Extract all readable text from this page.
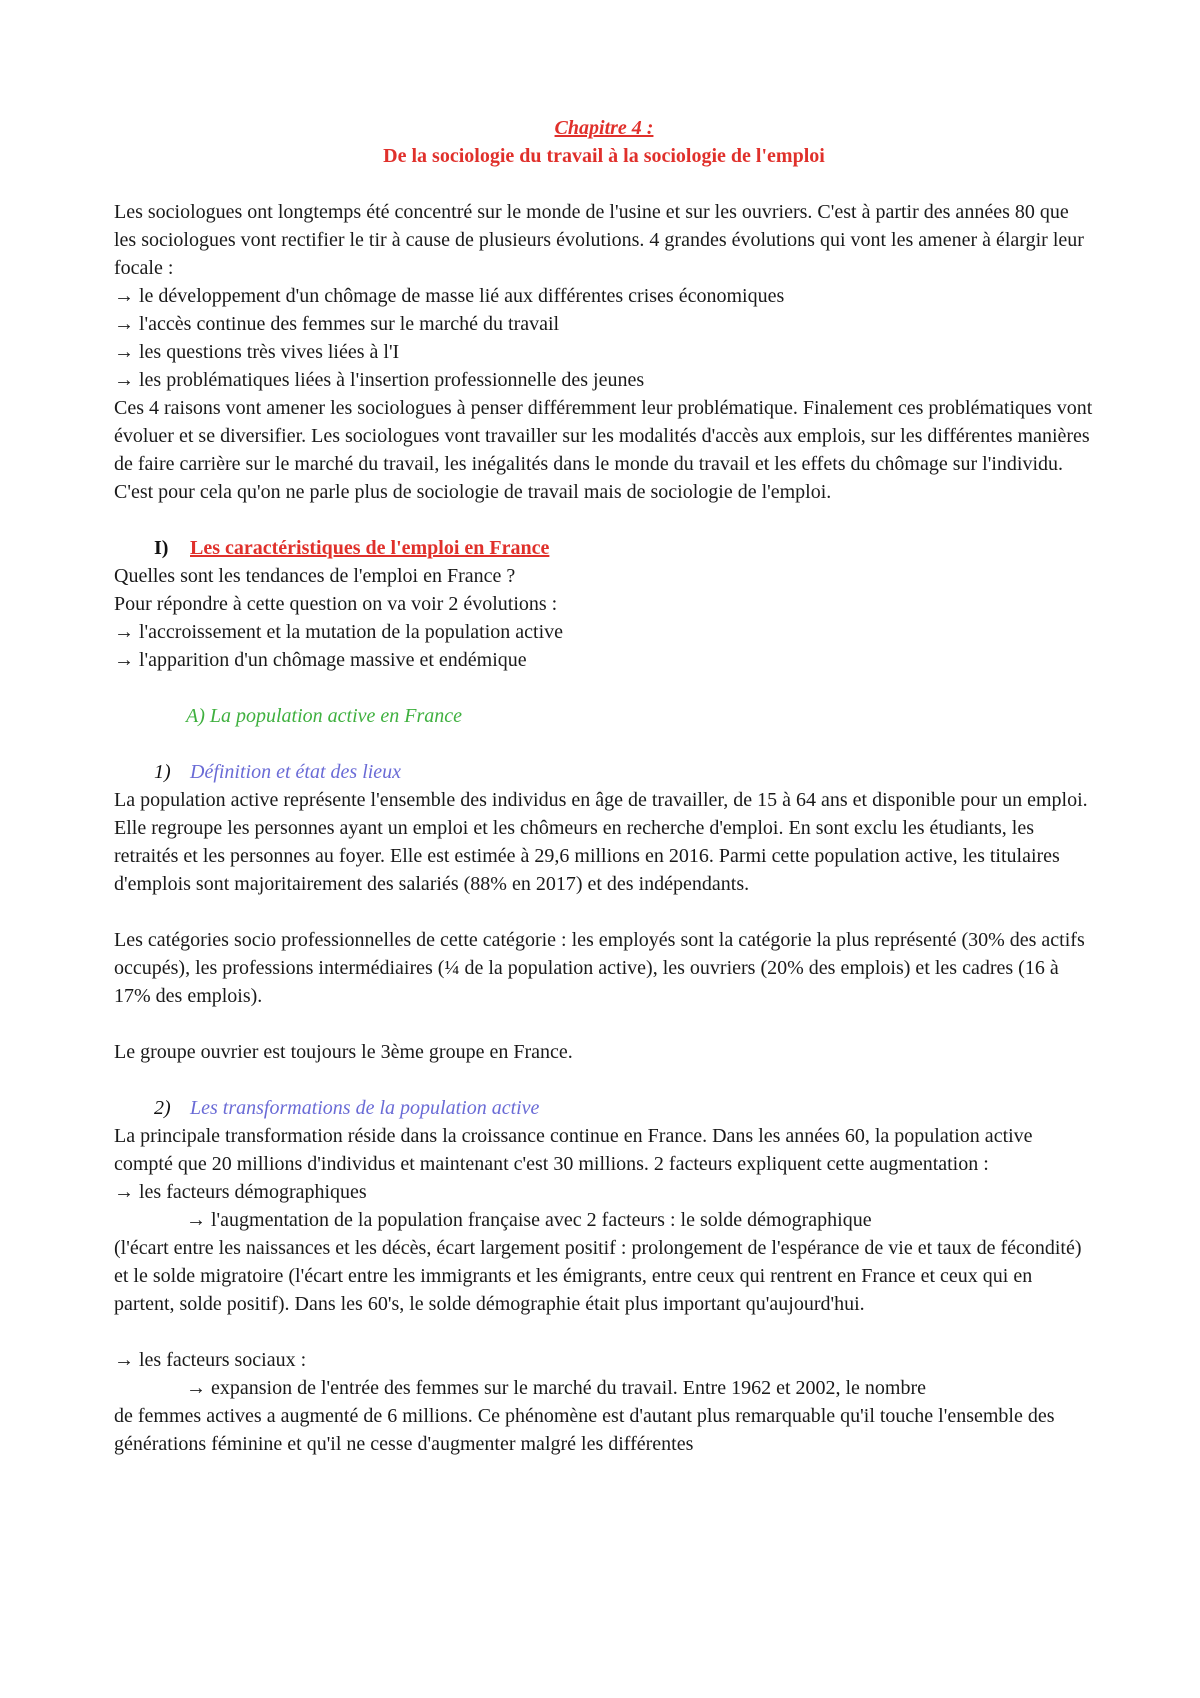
Chapitre 4 :
De la sociologie du travail à la sociologie de l'emploi

Les sociologues ont longtemps été concentré sur le monde de l'usine et sur les ouvriers. C'est à partir des années 80 que les sociologues vont rectifier le tir à cause de plusieurs évolutions. 4 grandes évolutions qui vont les amener à élargir leur focale :

→ le développement d'un chômage de masse lié aux différentes crises économiques

→ l'accès continue des femmes sur le marché du travail

→ les questions très vives liées à l'I

→ les problématiques liées à l'insertion professionnelle des jeunes

Ces 4 raisons vont amener les sociologues à penser différemment leur problématique. Finalement ces problématiques vont évoluer et se diversifier. Les sociologues vont travailler sur les modalités d'accès aux emplois, sur les différentes manières de faire carrière sur le marché du travail, les inégalités dans le monde du travail et les effets du chômage sur l'individu. C'est pour cela qu'on ne parle plus de sociologie de travail mais de sociologie de l'emploi.

I) Les caractéristiques de l'emploi en France

Quelles sont les tendances de l'emploi en France ?

Pour répondre à cette question on va voir 2 évolutions :

→ l'accroissement et la mutation de la population active

→ l'apparition d'un chômage massive et endémique

A) La population active en France
1) Définition et état des lieux

La population active représente l'ensemble des individus en âge de travailler, de 15 à 64 ans et disponible pour un emploi. Elle regroupe les personnes ayant un emploi et les chômeurs en recherche d'emploi. En sont exclu les étudiants, les retraités et les personnes au foyer. Elle est estimée à 29,6 millions en 2016. Parmi cette population active, les titulaires d'emplois sont majoritairement des salariés (88% en 2017) et des indépendants.

Les catégories socio professionnelles de cette catégorie : les employés sont la catégorie la plus représenté (30% des actifs occupés), les professions intermédiaires (¼ de la population active), les ouvriers (20% des emplois) et les cadres (16 à 17% des emplois).

Le groupe ouvrier est toujours le 3ème groupe en France.

2) Les transformations de la population active

La principale transformation réside dans la croissance continue en France. Dans les années 60, la population active compté que 20 millions d'individus et maintenant c'est 30 millions. 2 facteurs expliquent cette augmentation :

→ les facteurs démographiques

→ l'augmentation de la population française avec 2 facteurs : le solde démographique

(l'écart entre les naissances et les décès, écart largement positif : prolongement de l'espérance de vie et taux de fécondité) et le solde migratoire (l'écart entre les immigrants et les émigrants, entre ceux qui rentrent en France et ceux qui en partent, solde positif). Dans les 60's, le solde démographie était plus important qu'aujourd'hui.

→ les facteurs sociaux :

→ expansion de l'entrée des femmes sur le marché du travail. Entre 1962 et 2002, le nombre

de femmes actives a augmenté de 6 millions. Ce phénomène est d'autant plus remarquable qu'il touche l'ensemble des générations féminine et qu'il ne cesse d'augmenter malgré les différentes
